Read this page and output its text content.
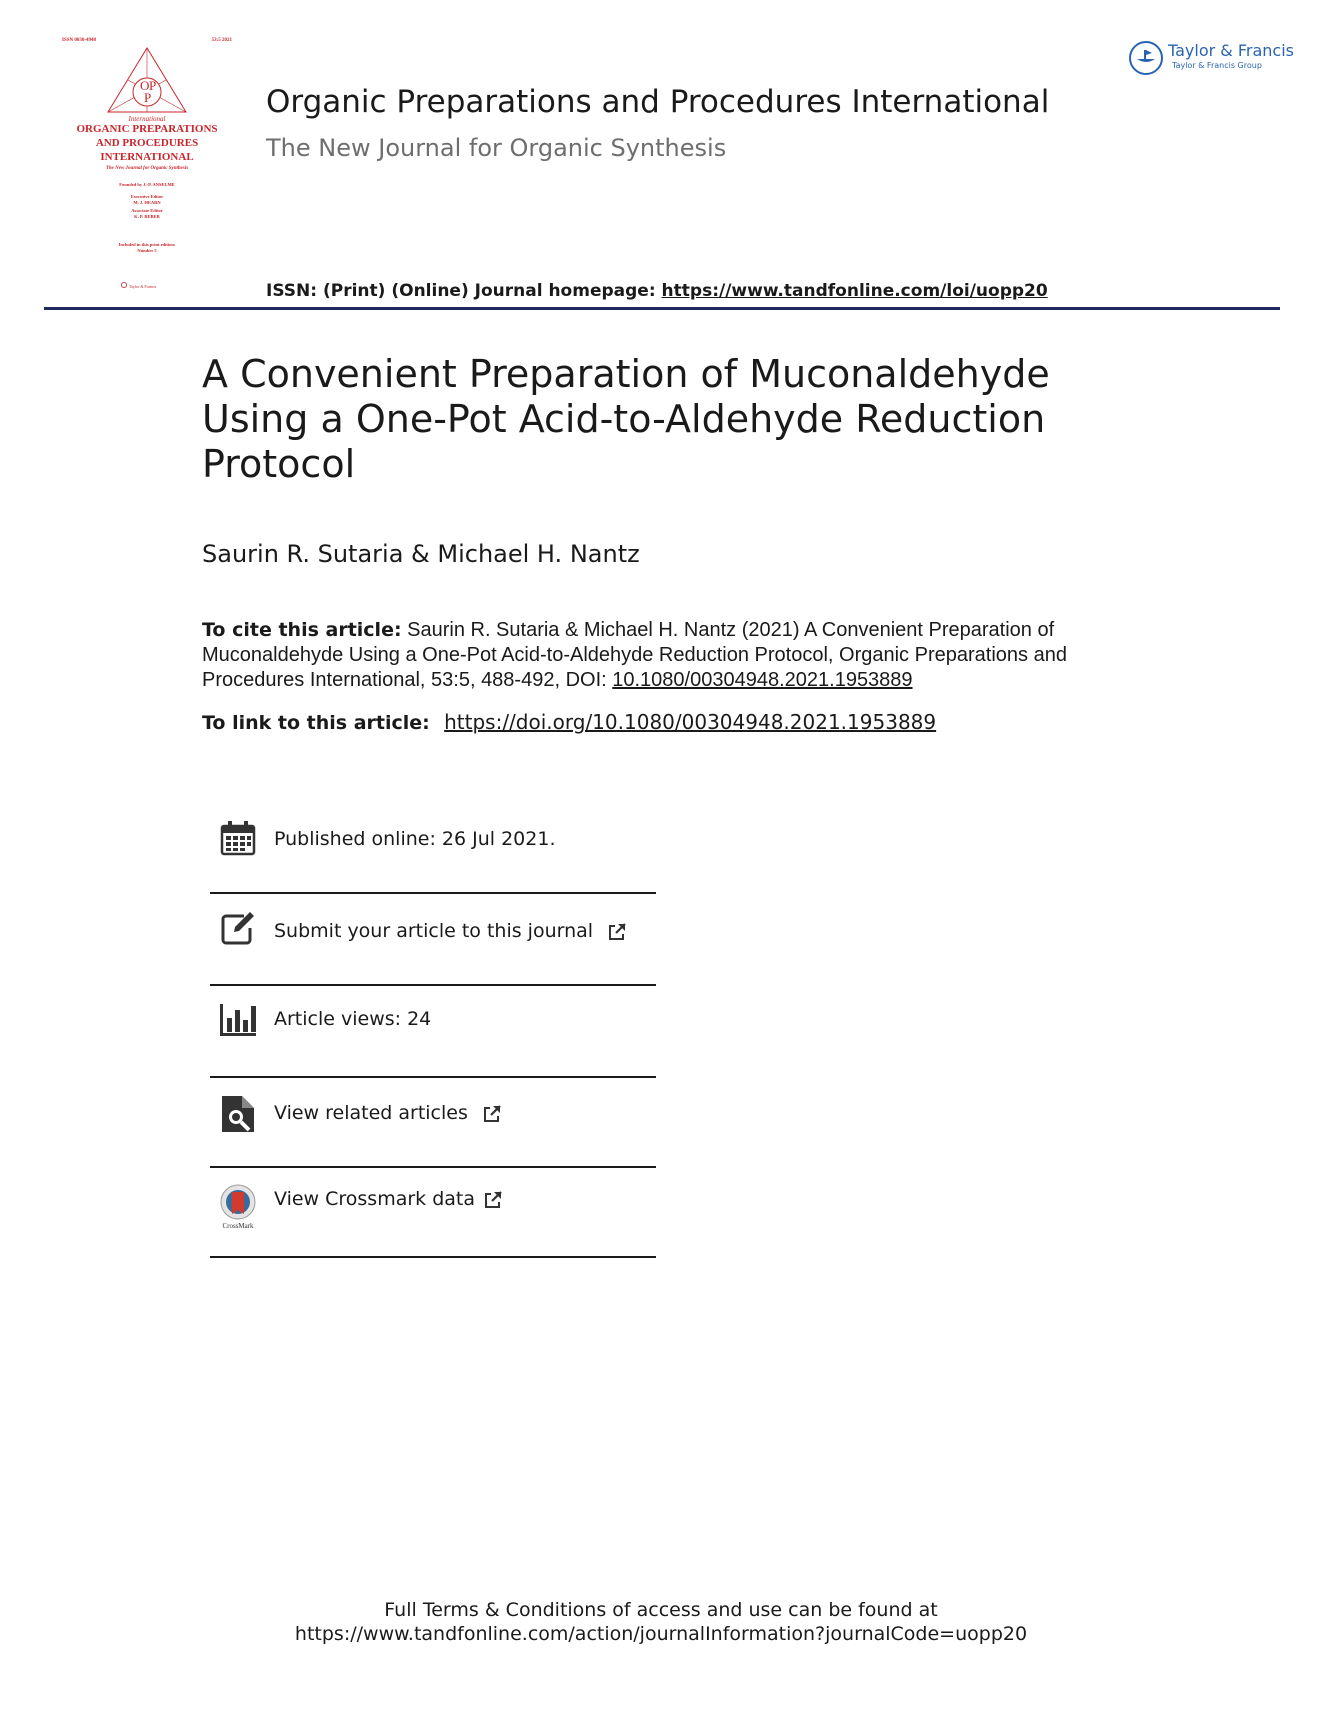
ISSN 0030-4948	53:5 2021
O P
P
International
ORGANIC PREPARATIONS
AND PROCEDURES
INTERNATIONAL
The New Journal for Organic Synthesis
Founded by J.-P. ANSELME
Executive Editor
M. J. HEARN
Associate Editor
K. P. REBER
Included in this print edition:
Number 5
Taylor & Francis
Organic Preparations and Procedures International
The New Journal for Organic Synthesis
ISSN: (Print) (Online) Journal homepage: https://www.tandfonline.com/loi/uopp20
Taylor & Francis
Taylor & Francis Group
A Convenient Preparation of Muconaldehyde Using a One-Pot Acid-to-Aldehyde Reduction Protocol
Saurin R. Sutaria & Michael H. Nantz
To cite this article: Saurin R. Sutaria & Michael H. Nantz (2021) A Convenient Preparation of Muconaldehyde Using a One-Pot Acid-to-Aldehyde Reduction Protocol, Organic Preparations and Procedures International, 53:5, 488-492, DOI: 10.1080/00304948.2021.1953889
To link to this article: https://doi.org/10.1080/00304948.2021.1953889
Published online: 26 Jul 2021.
Submit your article to this journal
Article views: 24
View related articles
CrossMark
View Crossmark data
Full Terms & Conditions of access and use can be found at
https://www.tandfonline.com/action/journalInformation?journalCode=uopp20
